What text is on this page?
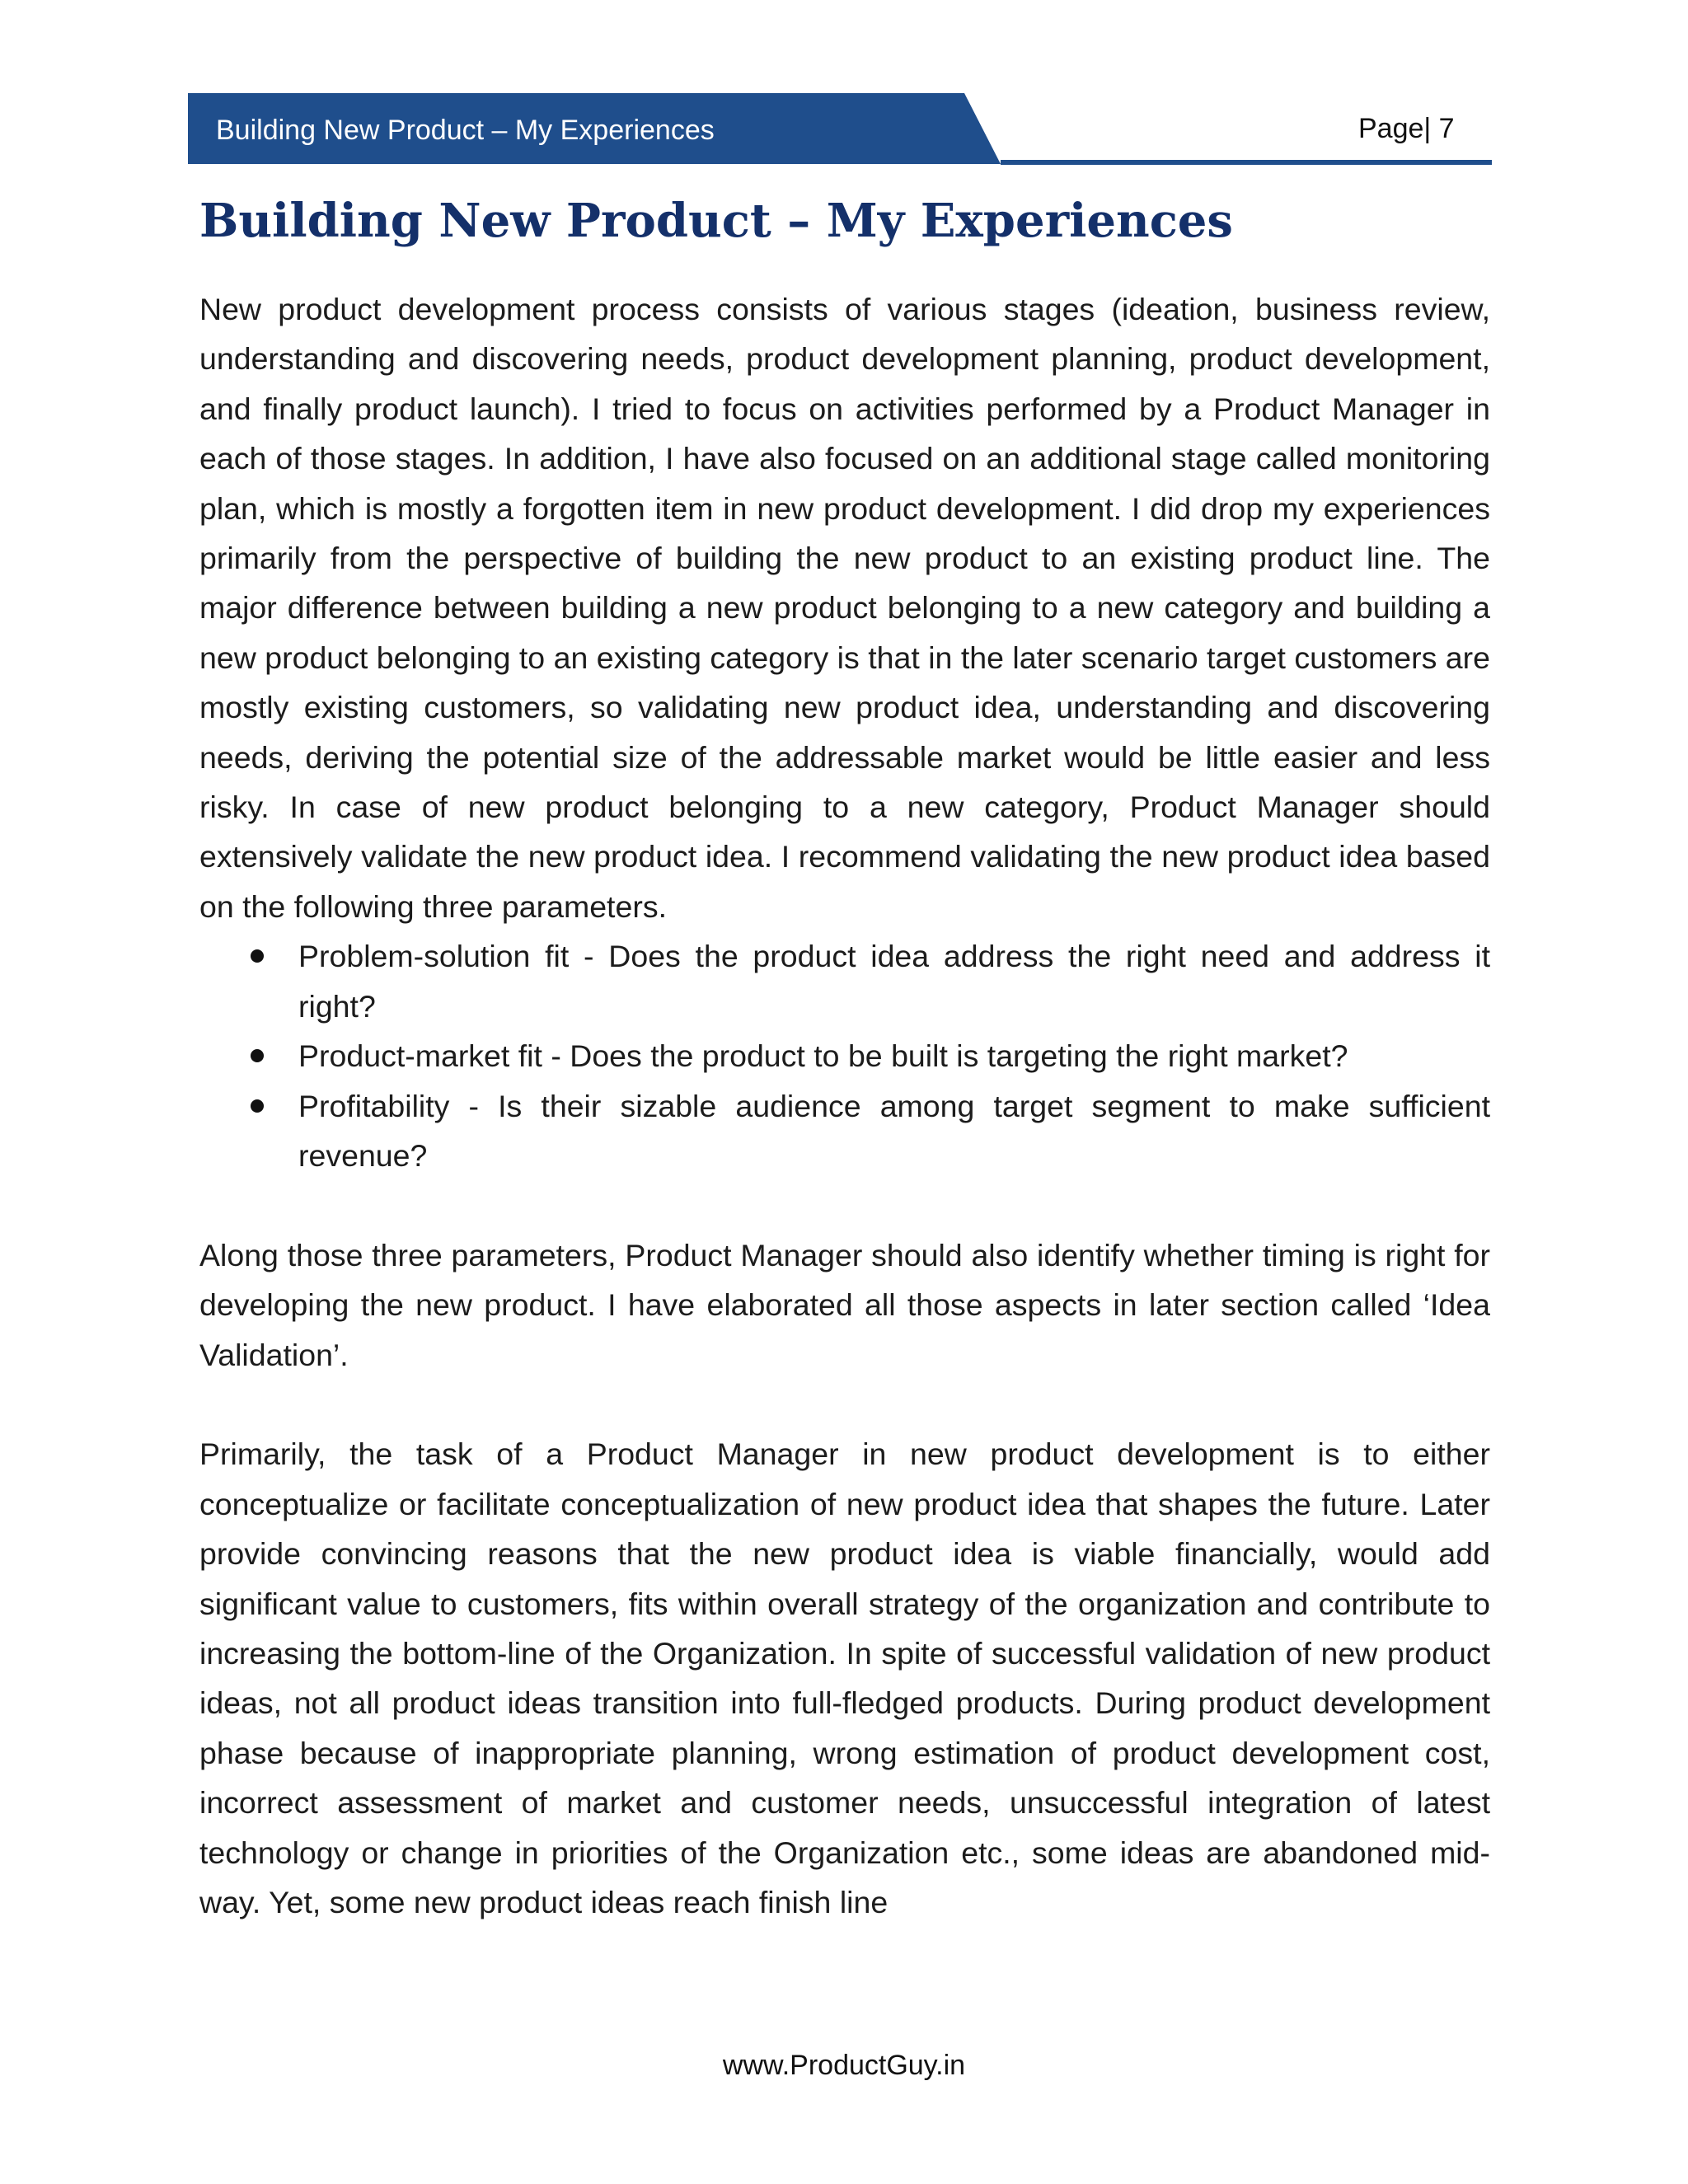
Building New Product – My Experiences	Page| 7
Building New Product – My Experiences

New product development process consists of various stages (ideation, business review, understanding and discovering needs, product development planning, product development, and finally product launch). I tried to focus on activities performed by a Product Manager in each of those stages. In addition, I have also focused on an additional stage called monitoring plan, which is mostly a forgotten item in new product development. I did drop my experiences primarily from the perspective of building the new product to an existing product line. The major difference between building a new product belonging to a new category and building a new product belonging to an existing category is that in the later scenario target customers are mostly existing customers, so validating new product idea, understanding and discovering needs, deriving the potential size of the addressable market would be little easier and less risky. In case of new product belonging to a new category, Product Manager should extensively validate the new product idea. I recommend validating the new product idea based on the following three parameters.

Problem-solution fit - Does the product idea address the right need and address it right?
Product-market fit - Does the product to be built is targeting the right market?
Profitability - Is their sizable audience among target segment to make sufficient revenue?

Along those three parameters, Product Manager should also identify whether timing is right for developing the new product. I have elaborated all those aspects in later section called ‘Idea Validation’.

Primarily, the task of a Product Manager in new product development is to either conceptualize or facilitate conceptualization of new product idea that shapes the future. Later provide convincing reasons that the new product idea is viable financially, would add significant value to customers, fits within overall strategy of the organization and contribute to increasing the bottom-line of the Organization. In spite of successful validation of new product ideas, not all product ideas transition into full-fledged products. During product development phase because of inappropriate planning, wrong estimation of product development cost, incorrect assessment of market and customer needs, unsuccessful integration of latest technology or change in priorities of the Organization etc., some ideas are abandoned mid-way. Yet, some new product ideas reach finish line

www.ProductGuy.in
